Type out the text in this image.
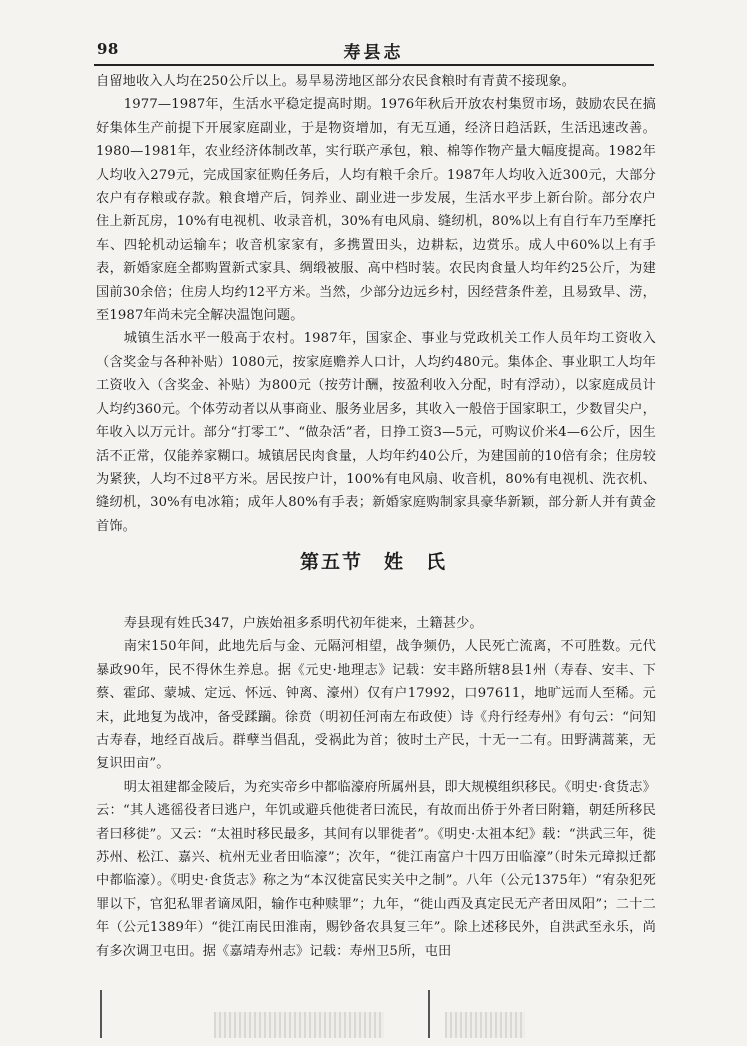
98	寿县志

自留地收入人均在250公斤以上。易旱易涝地区部分农民食粮时有青黄不接现象。

1977—1987年，生活水平稳定提高时期。1976年秋后开放农村集贸市场，鼓励农民在搞好集体生产前提下开展家庭副业，于是物资增加，有无互通，经济日趋活跃，生活迅速改善。1980—1981年，农业经济体制改革，实行联产承包，粮、棉等作物产量大幅度提高。1982年人均收入279元，完成国家征购任务后，人均有粮千余斤。1987年人均收入近300元，大部分农户有存粮或存款。粮食增产后，饲养业、副业进一步发展，生活水平步上新台阶。部分农户住上新瓦房，10%有电视机、收录音机，30%有电风扇、缝纫机，80%以上有自行车乃至摩托车、四轮机动运输车；收音机家家有，多携置田头，边耕耘，边赏乐。成人中60%以上有手表，新婚家庭全都购置新式家具、绸缎被服、高中档时装。农民肉食量人均年约25公斤，为建国前30余倍；住房人均约12平方米。当然，少部分边远乡村，因经营条件差，且易致旱、涝，至1987年尚未完全解决温饱问题。

城镇生活水平一般高于农村。1987年，国家企、事业与党政机关工作人员年均工资收入（含奖金与各种补贴）1080元，按家庭赡养人口计，人均约480元。集体企、事业职工人均年工资收入（含奖金、补贴）为800元（按劳计酬，按盈利收入分配，时有浮动），以家庭成员计人均约360元。个体劳动者以从事商业、服务业居多，其收入一般倍于国家职工，少数冒尖户，年收入以万元计。部分“打零工”、“做杂活”者，日挣工资3—5元，可购议价米4—6公斤，因生活不正常，仅能养家糊口。城镇居民肉食量，人均年约40公斤，为建国前的10倍有余；住房较为紧狭，人均不过8平方米。居民按户计，100%有电风扇、收音机，80%有电视机、洗衣机、缝纫机，30%有电冰箱；成年人80%有手表；新婚家庭购制家具豪华新颖，部分新人并有黄金首饰。

第五节　姓　氏

寿县现有姓氏347，户族始祖多系明代初年徙来，土籍甚少。

南宋150年间，此地先后与金、元隔河相望，战争频仍，人民死亡流离，不可胜数。元代暴政90年，民不得休生养息。据《元史·地理志》记载：安丰路所辖8县1州（寿春、安丰、下蔡、霍邱、蒙城、定远、怀远、钟离、濠州）仅有户17992，口97611，地旷远而人至稀。元末，此地复为战冲，备受蹂躏。徐贲（明初任河南左布政使）诗《舟行经寿州》有句云：“问知古寿春，地经百战后。群孽当倡乱，受祸此为首；彼时土产民，十无一二有。田野满蒿莱，无复识田亩”。

明太祖建都金陵后，为充实帝乡中都临濠府所属州县，即大规模组织移民。《明史·食货志》云：“其人逃徭役者曰逃户，年饥或避兵他徙者曰流民，有故而出侨于外者曰附籍，朝廷所移民者曰移徙”。又云：“太祖时移民最多，其间有以罪徙者”。《明史·太祖本纪》载：“洪武三年，徙苏州、松江、嘉兴、杭州无业者田临濠”；次年，“徙江南富户十四万田临濠”（时朱元璋拟迁都中都临濠）。《明史·食货志》称之为“本汉徙富民实关中之制”。八年（公元1375年）“宥杂犯死罪以下，官犯私罪者谪凤阳，输作屯种赎罪”；九年，“徙山西及真定民无产者田凤阳”；二十二年（公元1389年）“徙江南民田淮南，赐钞备农具复三年”。除上述移民外，自洪武至永乐，尚有多次调卫屯田。据《嘉靖寿州志》记载：寿州卫5所，屯田
